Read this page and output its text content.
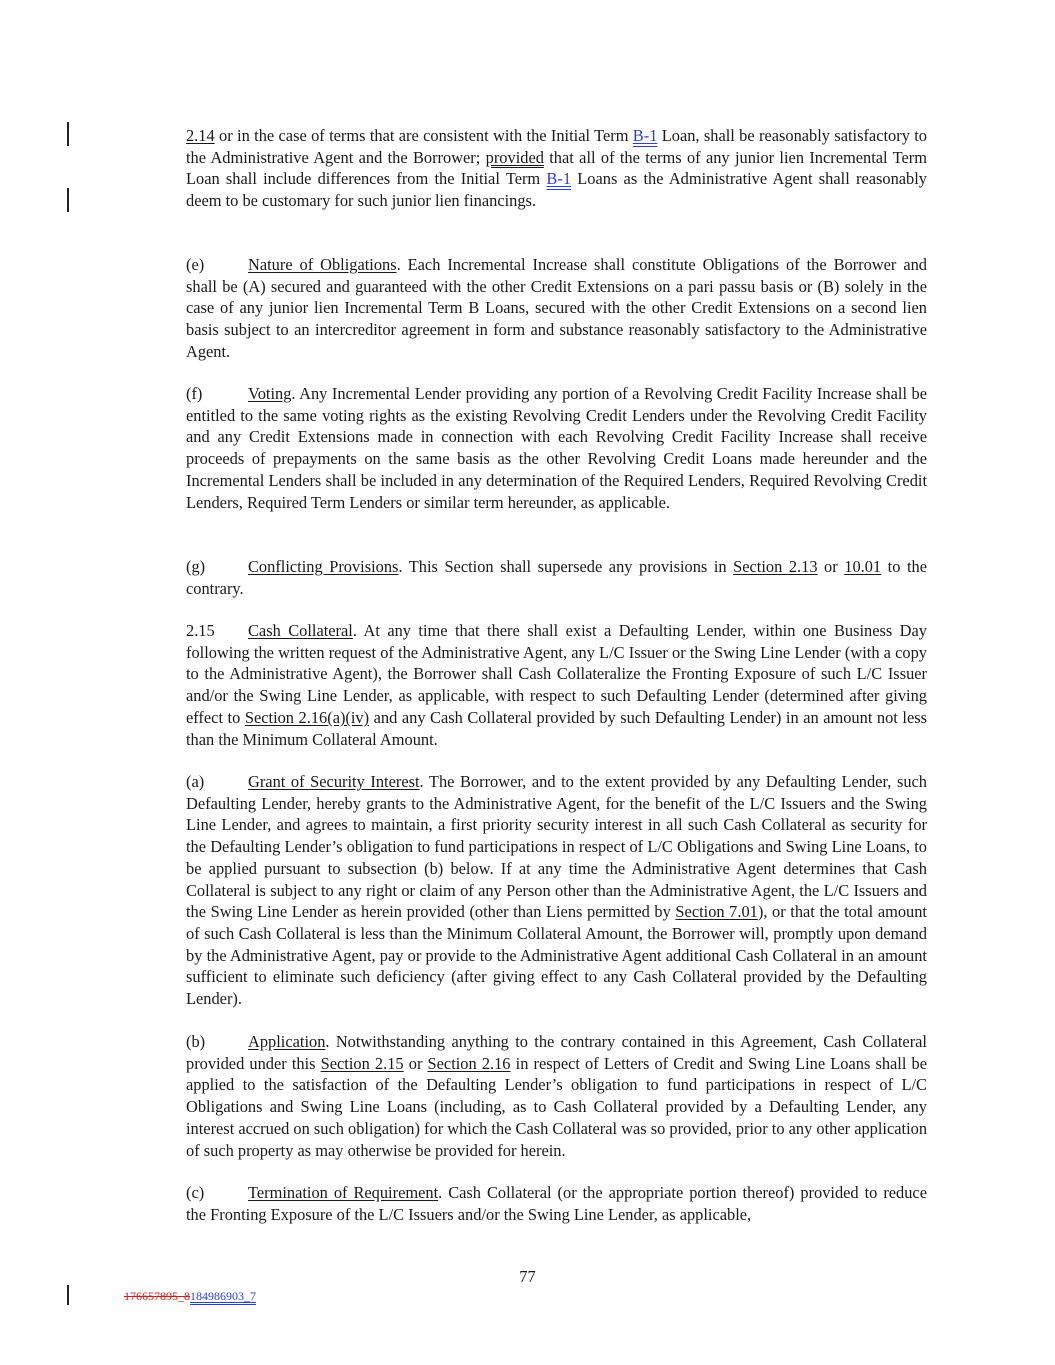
2.14 or in the case of terms that are consistent with the Initial Term B-1 Loan, shall be reasonably satisfactory to the Administrative Agent and the Borrower; provided that all of the terms of any junior lien Incremental Term Loan shall include differences from the Initial Term B-1 Loans as the Administrative Agent shall reasonably deem to be customary for such junior lien financings.

(e)	Nature of Obligations. Each Incremental Increase shall constitute Obligations of the Borrower and shall be (A) secured and guaranteed with the other Credit Extensions on a pari passu basis or (B) solely in the case of any junior lien Incremental Term B Loans, secured with the other Credit Extensions on a second lien basis subject to an intercreditor agreement in form and substance reasonably satisfactory to the Administrative Agent.

(f)	Voting. Any Incremental Lender providing any portion of a Revolving Credit Facility Increase shall be entitled to the same voting rights as the existing Revolving Credit Lenders under the Revolving Credit Facility and any Credit Extensions made in connection with each Revolving Credit Facility Increase shall receive proceeds of prepayments on the same basis as the other Revolving Credit Loans made hereunder and the Incremental Lenders shall be included in any determination of the Required Lenders, Required Revolving Credit Lenders, Required Term Lenders or similar term hereunder, as applicable.

(g)	Conflicting Provisions. This Section shall supersede any provisions in Section 2.13 or 10.01 to the contrary.

2.15 Cash Collateral. At any time that there shall exist a Defaulting Lender, within one Business Day following the written request of the Administrative Agent, any L/C Issuer or the Swing Line Lender (with a copy to the Administrative Agent), the Borrower shall Cash Collateralize the Fronting Exposure of such L/C Issuer and/or the Swing Line Lender, as applicable, with respect to such Defaulting Lender (determined after giving effect to Section 2.16(a)(iv) and any Cash Collateral provided by such Defaulting Lender) in an amount not less than the Minimum Collateral Amount.

(a)	Grant of Security Interest. The Borrower, and to the extent provided by any Defaulting Lender, such Defaulting Lender, hereby grants to the Administrative Agent, for the benefit of the L/C Issuers and the Swing Line Lender, and agrees to maintain, a first priority security interest in all such Cash Collateral as security for the Defaulting Lender’s obligation to fund participations in respect of L/C Obligations and Swing Line Loans, to be applied pursuant to subsection (b) below. If at any time the Administrative Agent determines that Cash Collateral is subject to any right or claim of any Person other than the Administrative Agent, the L/C Issuers and the Swing Line Lender as herein provided (other than Liens permitted by Section 7.01), or that the total amount of such Cash Collateral is less than the Minimum Collateral Amount, the Borrower will, promptly upon demand by the Administrative Agent, pay or provide to the Administrative Agent additional Cash Collateral in an amount sufficient to eliminate such deficiency (after giving effect to any Cash Collateral provided by the Defaulting Lender).

(b)	Application. Notwithstanding anything to the contrary contained in this Agreement, Cash Collateral provided under this Section 2.15 or Section 2.16 in respect of Letters of Credit and Swing Line Loans shall be applied to the satisfaction of the Defaulting Lender’s obligation to fund participations in respect of L/C Obligations and Swing Line Loans (including, as to Cash Collateral provided by a Defaulting Lender, any interest accrued on such obligation) for which the Cash Collateral was so provided, prior to any other application of such property as may otherwise be provided for herein.

(c)	Termination of Requirement. Cash Collateral (or the appropriate portion thereof) provided to reduce the Fronting Exposure of the L/C Issuers and/or the Swing Line Lender, as applicable,

77
176657895_8184986903_7
